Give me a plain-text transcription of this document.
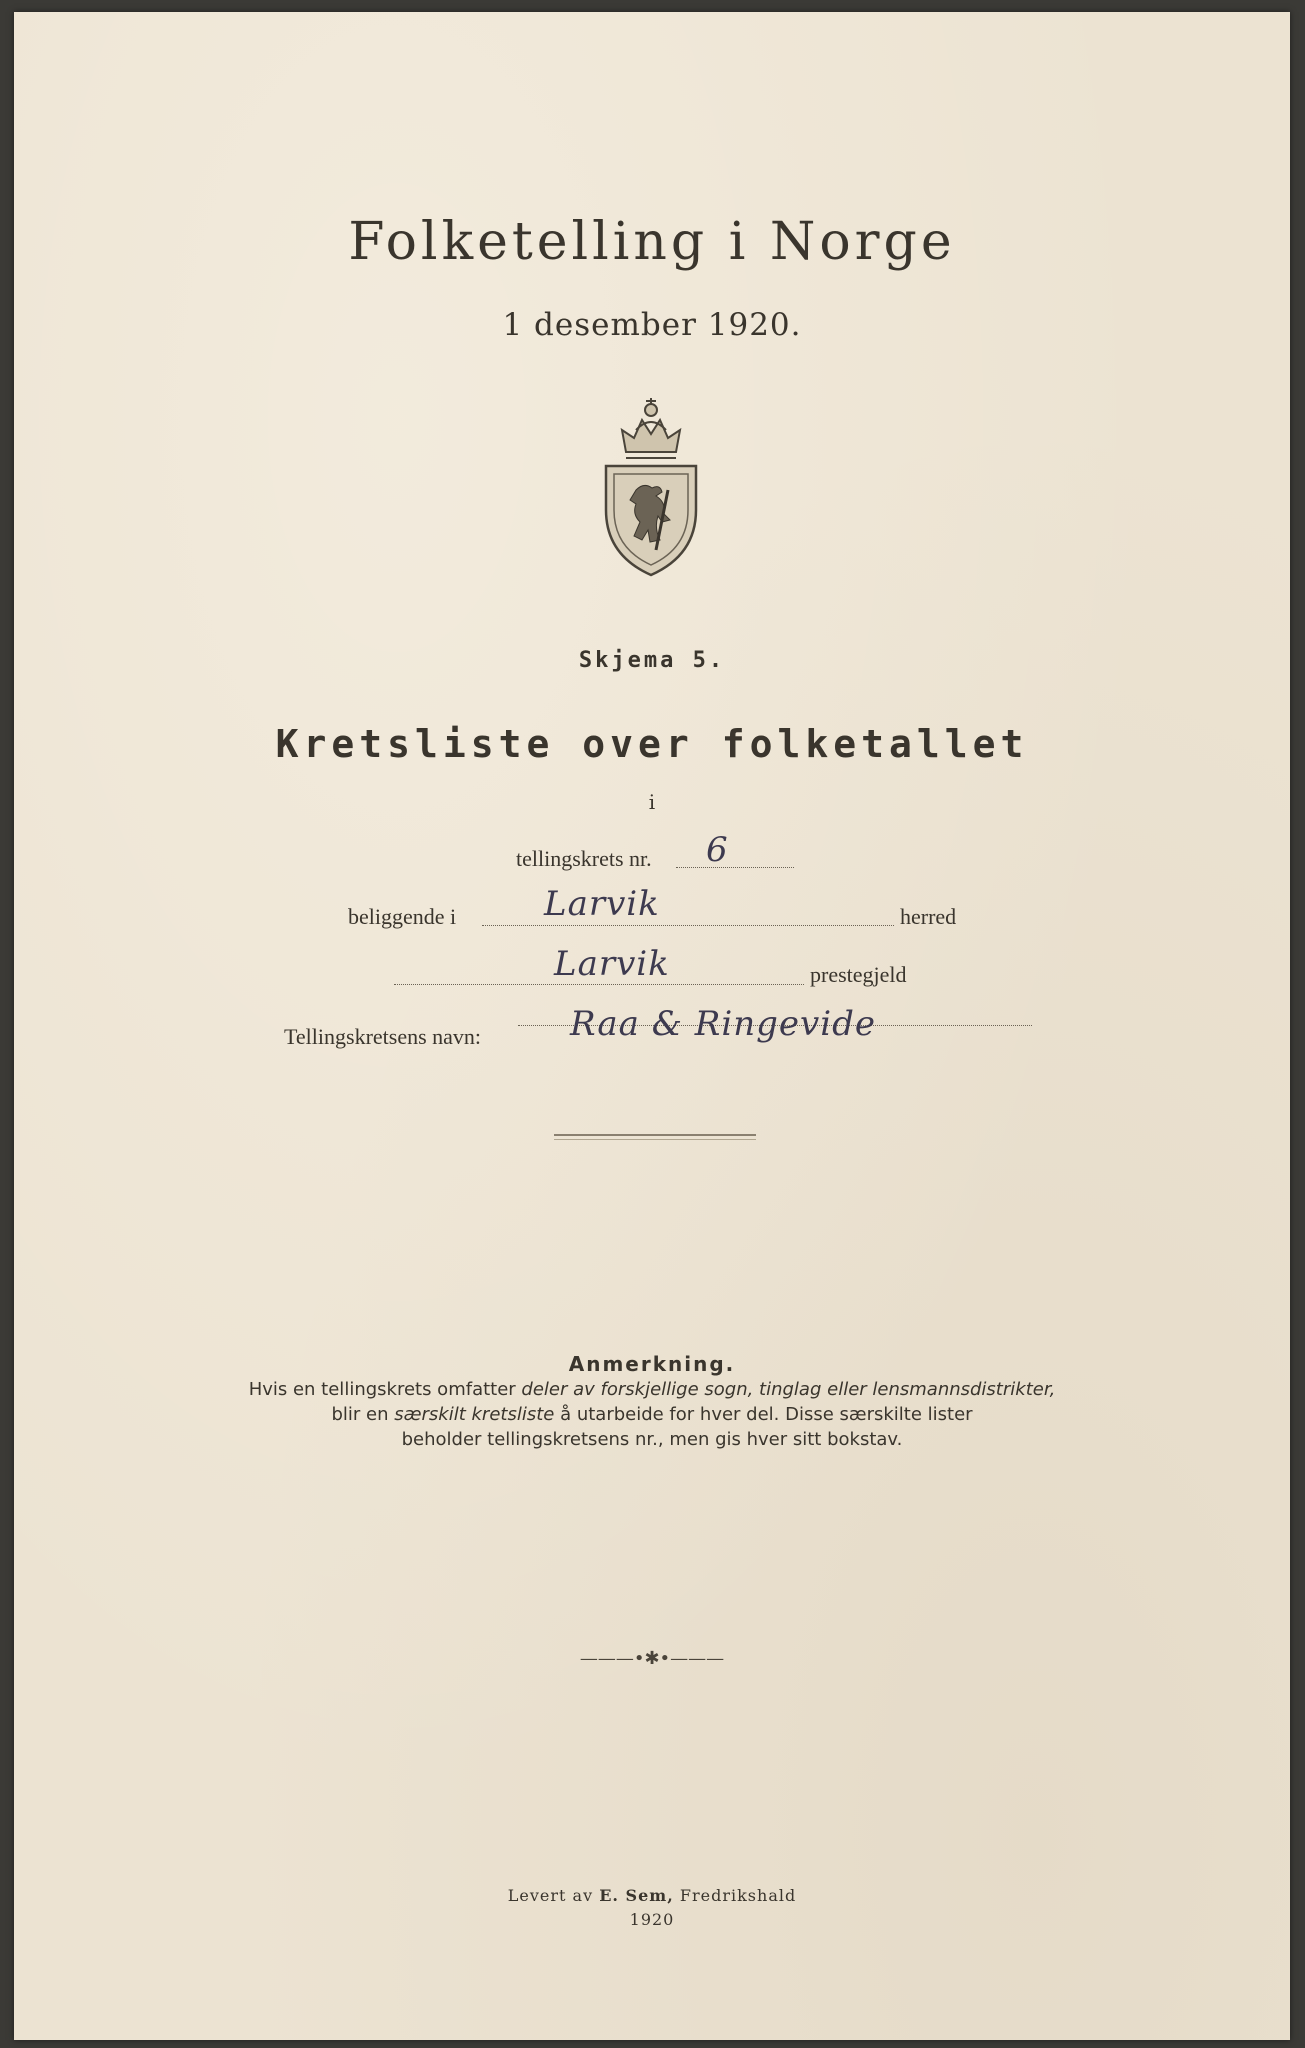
Folketelling i Norge
1 desember 1920.
Skjema 5.
Kretsliste over folketallet
i
tellingskrets nr. 6
beliggende i	Larvik	herred
Larvik	prestegjeld
Tellingskretsens navn:	Raa & Ringevide
Anmerkning.
Hvis en tellingskrets omfatter deler av forskjellige sogn, tinglag eller lensmannsdistrikter,
blir en særskilt kretsliste å utarbeide for hver del. Disse særskilte lister
beholder tellingskretsens nr., men gis hver sitt bokstav.
———•✱•———
Levert av E. Sem, Fredrikshald
1920
